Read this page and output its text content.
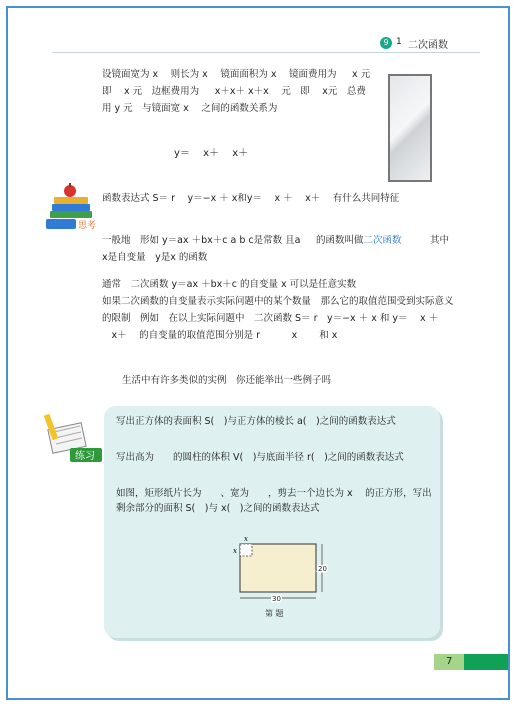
9 1 二次函数
设镜面宽为 x 　则长为 x 　镜面面积为 x 　镜面费用为 　 x 元　即　 x 元　边框费用为 　 x＋x＋ x＋x 　元　即　 x元　总费用 y 元　与镜面宽 x 　之间的函数关系为
y＝　 x＋　 x＋
思考
函数表达式 S＝ r 　y＝−x ＋ x和y＝ 　x ＋ 　x＋ 　有什么共同特征
一般地　形如 y＝ax ＋bx＋c a b c是常数 且a 　 的函数叫做二次函数　　　其中 x是自变量　y是x 的函数
通常　二次函数 y＝ax ＋bx＋c 的自变量 x 可以是任意实数
如果二次函数的自变量表示实际问题中的某个数量　那么它的取值范围受到实际意义的限制　例如　在以上实际问题中　二次函数 S＝ r　y＝−x ＋ x 和 y＝ 　x ＋ 　x＋ 　的自变量的取值范围分别是 r 　　　x 　　和 x
生活中有许多类似的实例　你还能举出一些例子吗
练习
写出正方体的表面积 S(　)与正方体的棱长 a(　)之间的函数表达式
写出高为　　的圆柱的体积 V(　)与底面半径 r(　)之间的函数表达式
如图，矩形纸片长为　　、宽为　　，剪去一个边长为 x 　的正方形，写出剩余部分的面积 S(　)与 x(　)之间的函数表达式
x
x
30
20
第 题
7
